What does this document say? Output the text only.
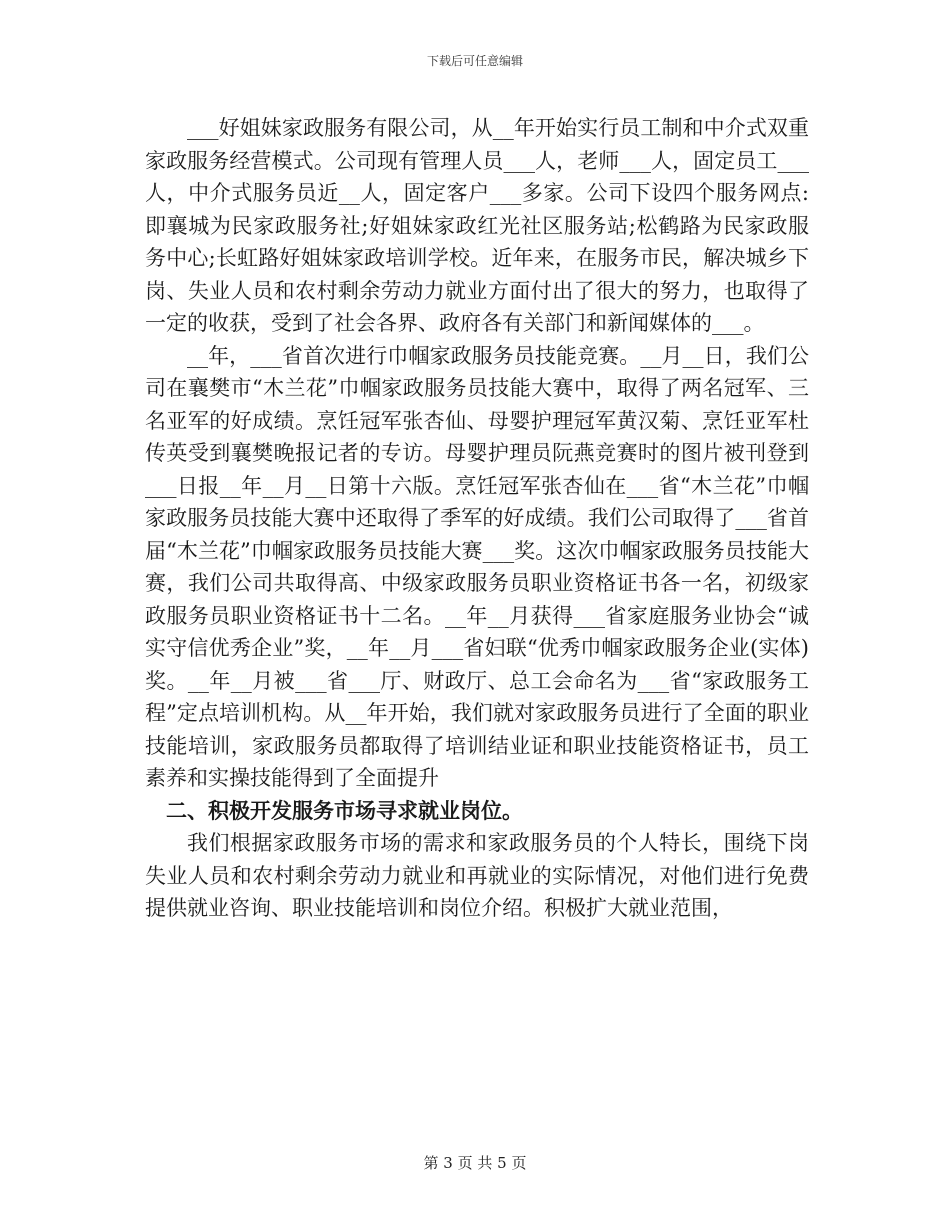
下载后可任意编辑

___好姐妹家政服务有限公司，从__年开始实行员工制和中介式双重家政服务经营模式。公司现有管理人员___人，老师___人，固定员工___人，中介式服务员近__人，固定客户___多家。公司下设四个服务网点:即襄城为民家政服务社;好姐妹家政红光社区服务站;松鹤路为民家政服务中心;长虹路好姐妹家政培训学校。近年来，在服务市民，解决城乡下岗、失业人员和农村剩余劳动力就业方面付出了很大的努力，也取得了一定的收获，受到了社会各界、政府各有关部门和新闻媒体的___。

__年，___省首次进行巾帼家政服务员技能竞赛。__月__日，我们公司在襄樊市“木兰花”巾帼家政服务员技能大赛中，取得了两名冠军、三名亚军的好成绩。烹饪冠军张杏仙、母婴护理冠军黄汉菊、烹饪亚军杜传英受到襄樊晚报记者的专访。母婴护理员阮燕竞赛时的图片被刊登到___日报__年__月__日第十六版。烹饪冠军张杏仙在___省“木兰花”巾帼家政服务员技能大赛中还取得了季军的好成绩。我们公司取得了___省首届“木兰花”巾帼家政服务员技能大赛___奖。这次巾帼家政服务员技能大赛，我们公司共取得高、中级家政服务员职业资格证书各一名，初级家政服务员职业资格证书十二名。__年__月获得___省家庭服务业协会“诚实守信优秀企业”奖，__年__月___省妇联“优秀巾帼家政服务企业(实体)奖。__年__月被___省___厅、财政厅、总工会命名为___省“家政服务工程”定点培训机构。从__年开始，我们就对家政服务员进行了全面的职业技能培训，家政服务员都取得了培训结业证和职业技能资格证书，员工素养和实操技能得到了全面提升

二、积极开发服务市场寻求就业岗位。

我们根据家政服务市场的需求和家政服务员的个人特长，围绕下岗失业人员和农村剩余劳动力就业和再就业的实际情况，对他们进行免费提供就业咨询、职业技能培训和岗位介绍。积极扩大就业范围，

第 3 页 共 5 页
